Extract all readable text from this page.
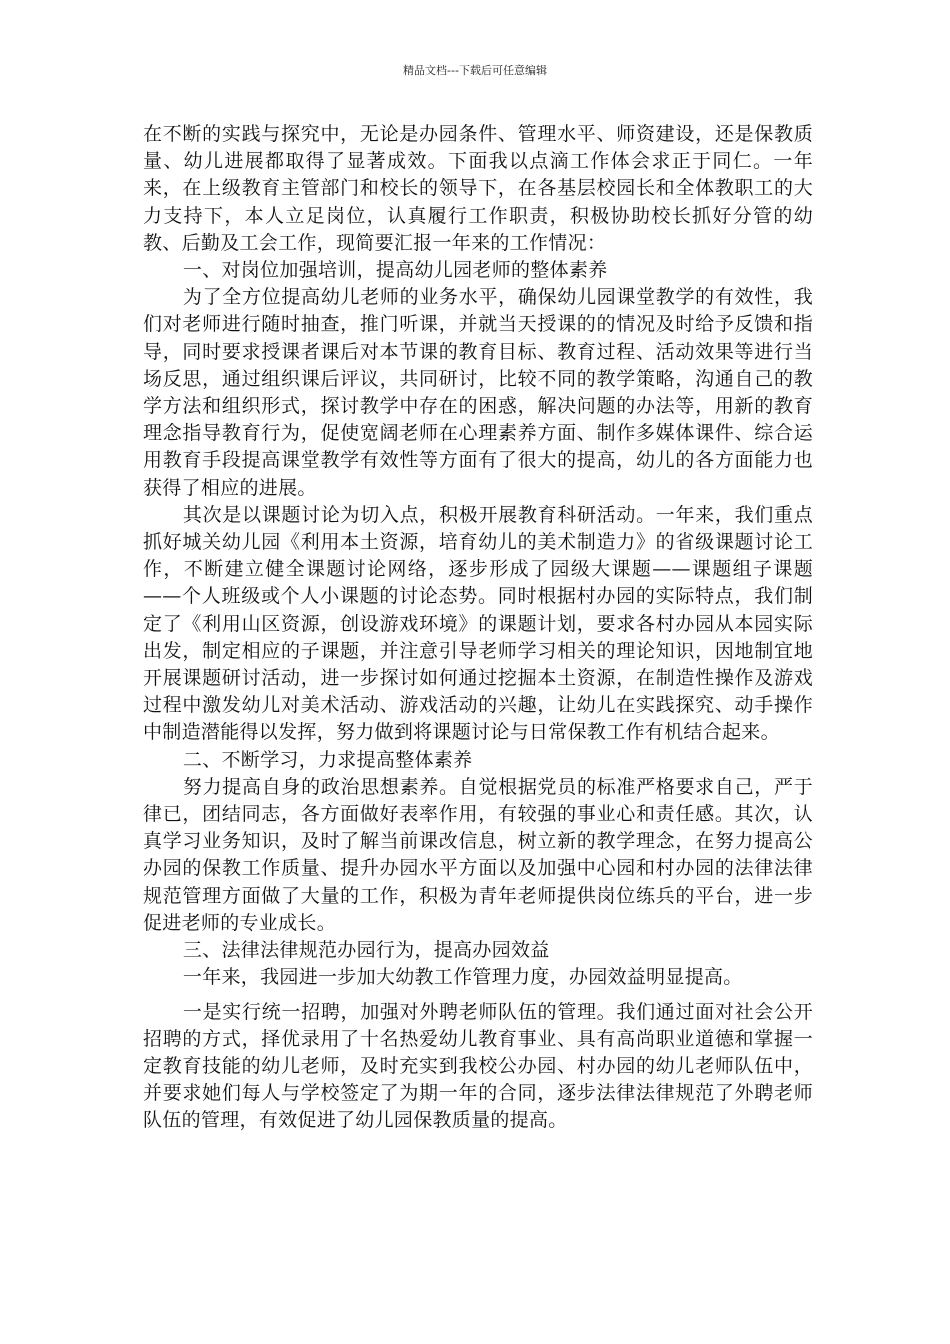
精品文档---下载后可任意编辑

在不断的实践与探究中，无论是办园条件、管理水平、师资建设，还是保教质量、幼儿进展都取得了显著成效。下面我以点滴工作体会求正于同仁。一年来，在上级教育主管部门和校长的领导下，在各基层校园长和全体教职工的大力支持下，本人立足岗位，认真履行工作职责，积极协助校长抓好分管的幼教、后勤及工会工作，现简要汇报一年来的工作情况：

一、对岗位加强培训，提高幼儿园老师的整体素养

为了全方位提高幼儿老师的业务水平，确保幼儿园课堂教学的有效性，我们对老师进行随时抽查，推门听课，并就当天授课的的情况及时给予反馈和指导，同时要求授课者课后对本节课的教育目标、教育过程、活动效果等进行当场反思，通过组织课后评议，共同研讨，比较不同的教学策略，沟通自己的教学方法和组织形式，探讨教学中存在的困惑，解决问题的办法等，用新的教育理念指导教育行为，促使宽阔老师在心理素养方面、制作多媒体课件、综合运用教育手段提高课堂教学有效性等方面有了很大的提高，幼儿的各方面能力也获得了相应的进展。

其次是以课题讨论为切入点，积极开展教育科研活动。一年来，我们重点抓好城关幼儿园《利用本土资源，培育幼儿的美术制造力》的省级课题讨论工作，不断建立健全课题讨论网络，逐步形成了园级大课题——课题组子课题——个人班级或个人小课题的讨论态势。同时根据村办园的实际特点，我们制定了《利用山区资源，创设游戏环境》的课题计划，要求各村办园从本园实际出发，制定相应的子课题，并注意引导老师学习相关的理论知识，因地制宜地开展课题研讨活动，进一步探讨如何通过挖掘本土资源，在制造性操作及游戏过程中激发幼儿对美术活动、游戏活动的兴趣，让幼儿在实践探究、动手操作中制造潜能得以发挥，努力做到将课题讨论与日常保教工作有机结合起来。

二、不断学习，力求提高整体素养

努力提高自身的政治思想素养。自觉根据党员的标准严格要求自己，严于律已，团结同志，各方面做好表率作用，有较强的事业心和责任感。其次，认真学习业务知识，及时了解当前课改信息，树立新的教学理念，在努力提高公办园的保教工作质量、提升办园水平方面以及加强中心园和村办园的法律法律规范管理方面做了大量的工作，积极为青年老师提供岗位练兵的平台，进一步促进老师的专业成长。

三、法律法律规范办园行为，提高办园效益

一年来，我园进一步加大幼教工作管理力度，办园效益明显提高。

一是实行统一招聘，加强对外聘老师队伍的管理。我们通过面对社会公开招聘的方式，择优录用了十名热爱幼儿教育事业、具有高尚职业道德和掌握一定教育技能的幼儿老师，及时充实到我校公办园、村办园的幼儿老师队伍中，并要求她们每人与学校签定了为期一年的合同，逐步法律法律规范了外聘老师队伍的管理，有效促进了幼儿园保教质量的提高。
